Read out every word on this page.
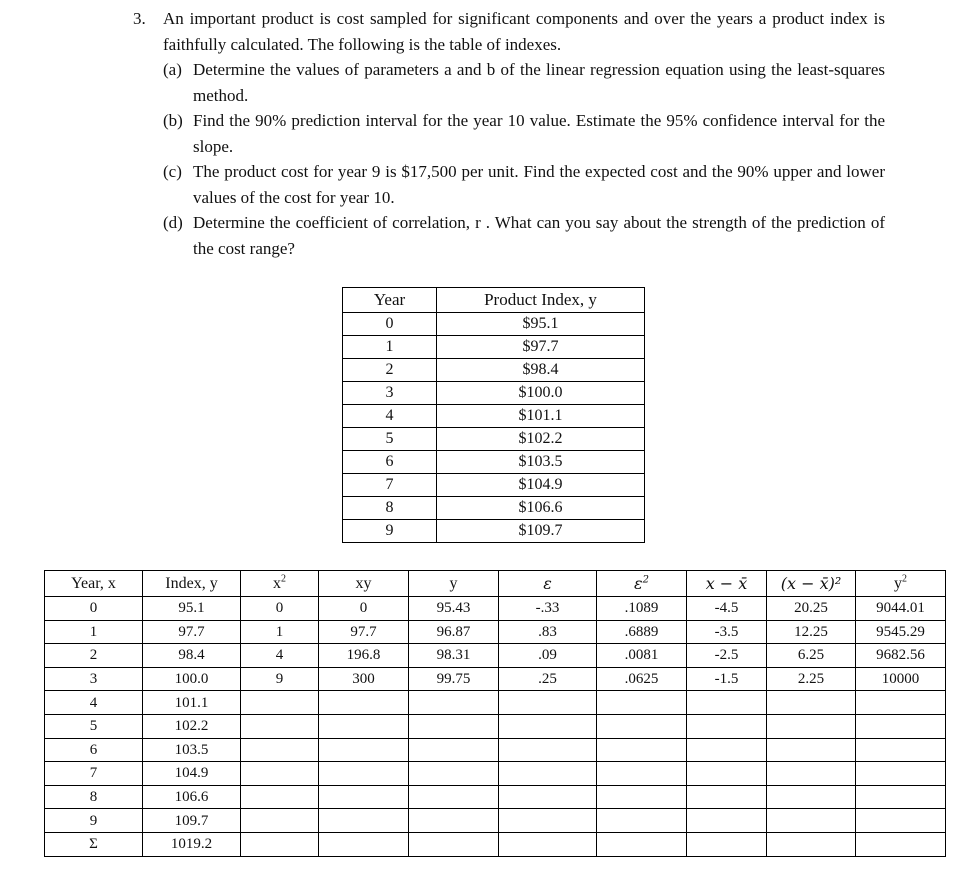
3. An important product is cost sampled for significant components and over the years a product index is faithfully calculated. The following is the table of indexes.
(a) Determine the values of parameters a and b of the linear regression equation using the least-squares method.
(b) Find the 90% prediction interval for the year 10 value. Estimate the 95% confidence interval for the slope.
(c) The product cost for year 9 is $17,500 per unit. Find the expected cost and the 90% upper and lower values of the cost for year 10.
(d) Determine the coefficient of correlation, r . What can you say about the strength of the prediction of the cost range?
Year	Product Index, y
0	$95.1
1	$97.7
2	$98.4
3	$100.0
4	$101.1
5	$102.2
6	$103.5
7	$104.9
8	$106.6
9	$109.7
Year, x	Index, y	$x^2$	xy	y	ε	$\varepsilon^2$	x − x̄	(x − x̄)²	$y^2$
0	95.1	0	0	95.43	-.33	.1089	-4.5	20.25	9044.01
1	97.7	1	97.7	96.87	.83	.6889	-3.5	12.25	9545.29
2	98.4	4	196.8	98.31	.09	.0081	-2.5	6.25	9682.56
3	100.0	9	300	99.75	.25	.0625	-1.5	2.25	10000
4	101.1								
5	102.2								
6	103.5								
7	104.9								
8	106.6								
9	109.7								
Σ	1019.2								
